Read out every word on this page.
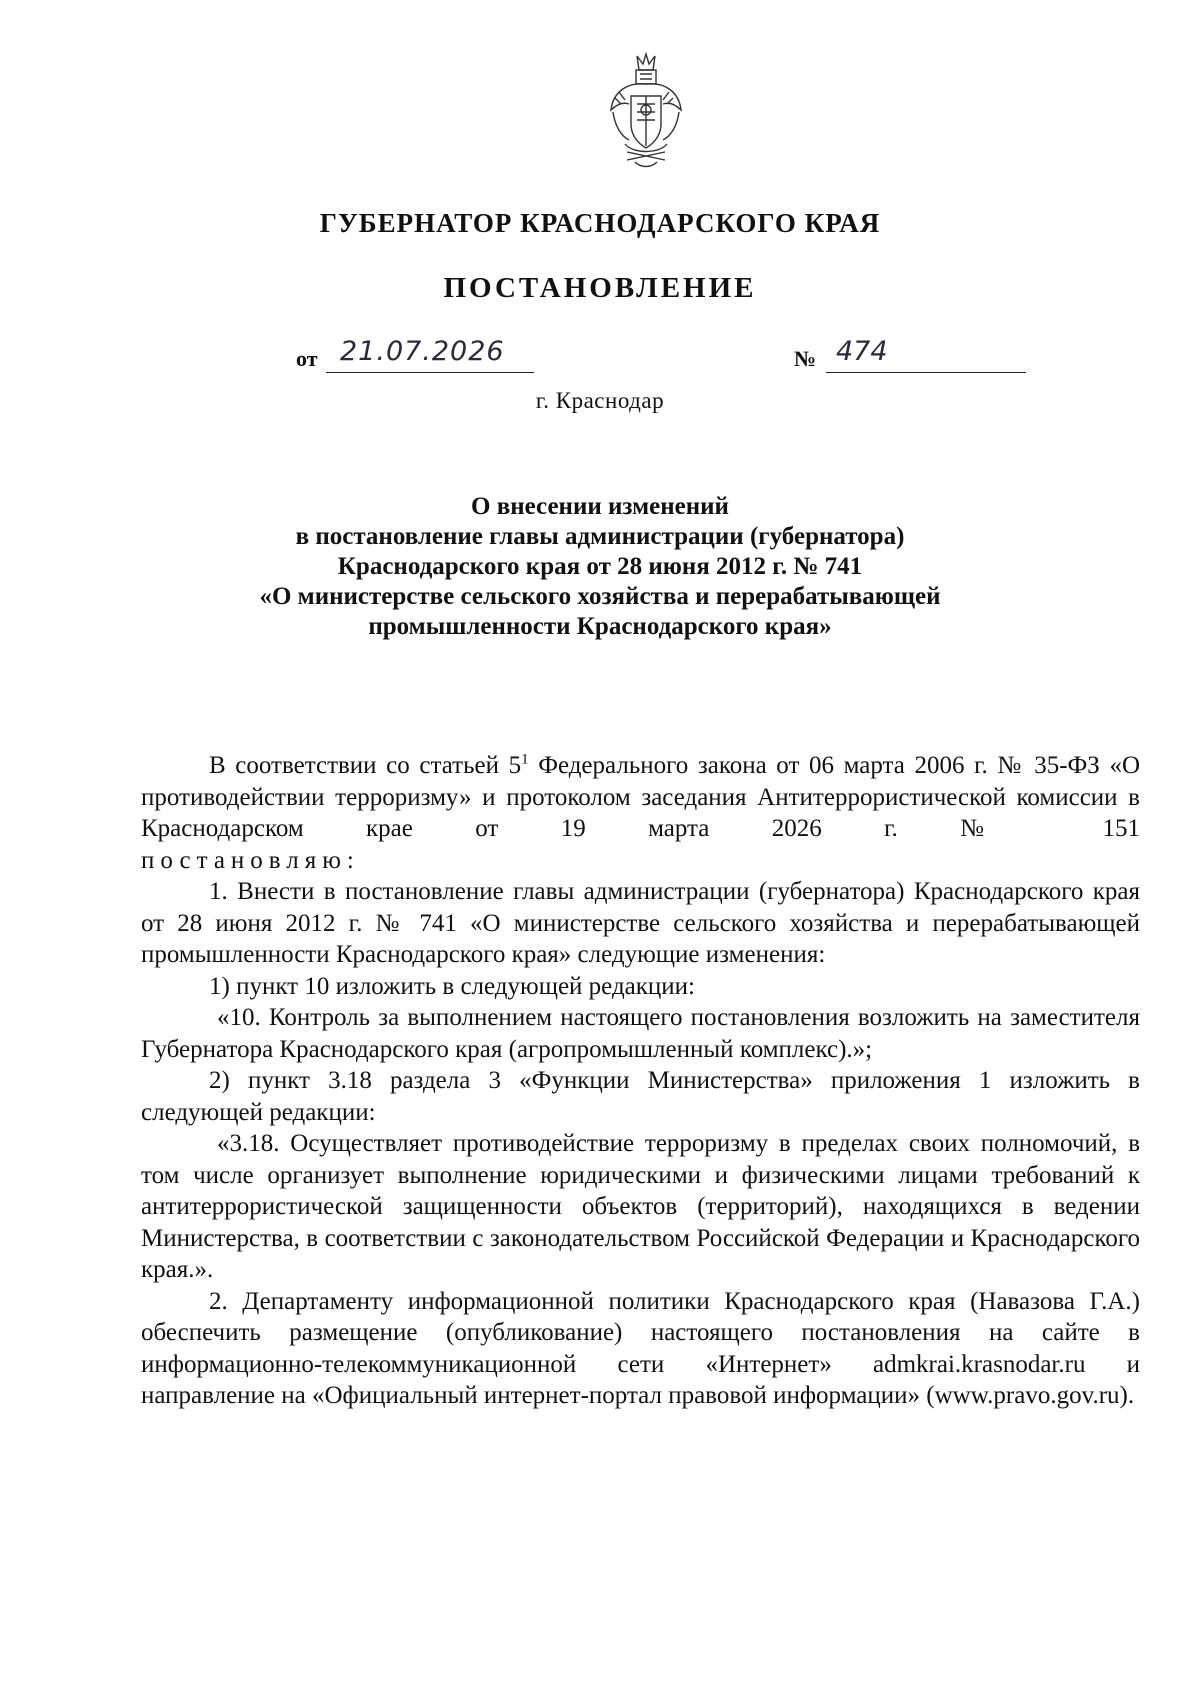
ГУБЕРНАТОР КРАСНОДАРСКОГО КРАЯ
ПОСТАНОВЛЕНИЕ
от 21.07.2026	№ 474
г. Краснодар
О внесении изменений
в постановление главы администрации (губернатора)
Краснодарского края от 28 июня 2012 г. № 741
«О министерстве сельского хозяйства и перерабатывающей
промышленности Краснодарского края»

В соответствии со статьей $5^1$ Федерального закона от 06 марта 2006 г. № 35-ФЗ «О противодействии терроризму» и протоколом заседания Антитеррористической комиссии в Краснодарском крае от 19 марта 2026 г. № 151

постановляю:

1. Внести в постановление главы администрации (губернатора) Краснодарского края от 28 июня 2012 г. № 741 «О министерстве сельского хозяйства и перерабатывающей промышленности Краснодарского края» следующие изменения:

1) пункт 10 изложить в следующей редакции:

«10. Контроль за выполнением настоящего постановления возложить на заместителя Губернатора Краснодарского края (агропромышленный комплекс).»;

2) пункт 3.18 раздела 3 «Функции Министерства» приложения 1 изложить в следующей редакции:

«3.18. Осуществляет противодействие терроризму в пределах своих полномочий, в том числе организует выполнение юридическими и физическими лицами требований к антитеррористической защищенности объектов (территорий), находящихся в ведении Министерства, в соответствии с законодательством Российской Федерации и Краснодарского края.».

2. Департаменту информационной политики Краснодарского края (Навазова Г.А.) обеспечить размещение (опубликование) настоящего постановления на сайте в информационно-телекоммуникационной сети «Интернет» admkrai.krasnodar.ru и направление на «Официальный интернет-портал правовой информации» (www.pravo.gov.ru).
